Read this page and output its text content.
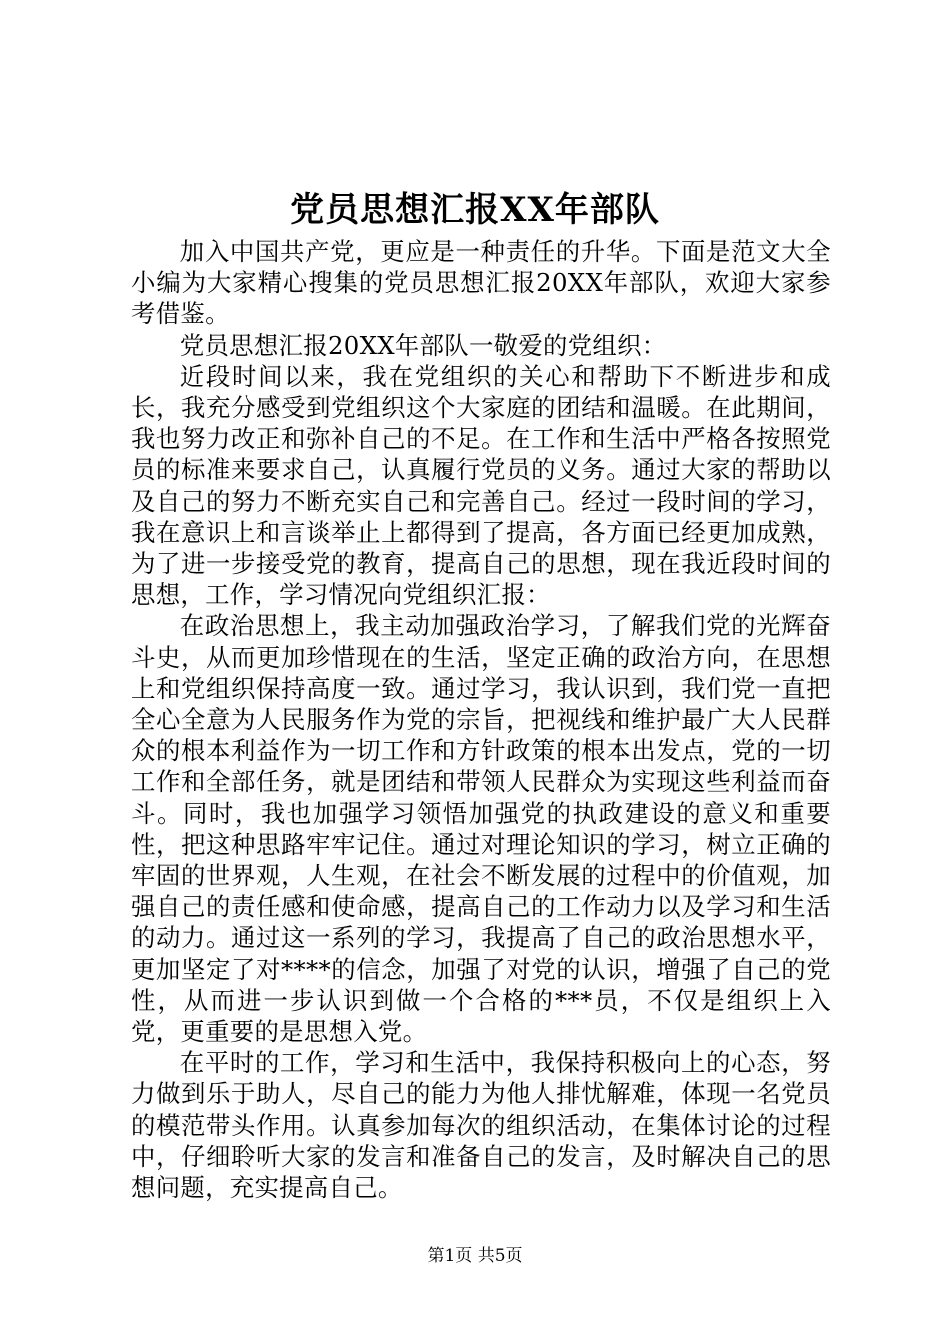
党员思想汇报XX年部队

加入中国共产党，更应是一种责任的升华。下面是范文大全小编为大家精心搜集的党员思想汇报20XX年部队，欢迎大家参考借鉴。

党员思想汇报20XX年部队一敬爱的党组织：

近段时间以来，我在党组织的关心和帮助下不断进步和成长，我充分感受到党组织这个大家庭的团结和温暖。在此期间，我也努力改正和弥补自己的不足。在工作和生活中严格各按照党员的标准来要求自己，认真履行党员的义务。通过大家的帮助以及自己的努力不断充实自己和完善自己。经过一段时间的学习，我在意识上和言谈举止上都得到了提高，各方面已经更加成熟，为了进一步接受党的教育，提高自己的思想，现在我近段时间的思想，工作，学习情况向党组织汇报：

在政治思想上，我主动加强政治学习，了解我们党的光辉奋斗史，从而更加珍惜现在的生活，坚定正确的政治方向，在思想上和党组织保持高度一致。通过学习，我认识到，我们党一直把全心全意为人民服务作为党的宗旨，把视线和维护最广大人民群众的根本利益作为一切工作和方针政策的根本出发点，党的一切工作和全部任务，就是团结和带领人民群众为实现这些利益而奋斗。同时，我也加强学习领悟加强党的执政建设的意义和重要性，把这种思路牢牢记住。通过对理论知识的学习，树立正确的牢固的世界观，人生观，在社会不断发展的过程中的价值观，加强自己的责任感和使命感，提高自己的工作动力以及学习和生活的动力。通过这一系列的学习，我提高了自己的政治思想水平，更加坚定了对****的信念，加强了对党的认识，增强了自己的党性，从而进一步认识到做一个合格的***员，不仅是组织上入党，更重要的是思想入党。

在平时的工作，学习和生活中，我保持积极向上的心态，努力做到乐于助人，尽自己的能力为他人排忧解难，体现一名党员的模范带头作用。认真参加每次的组织活动，在集体讨论的过程中，仔细聆听大家的发言和准备自己的发言，及时解决自己的思想问题，充实提高自己。

第1页 共5页
